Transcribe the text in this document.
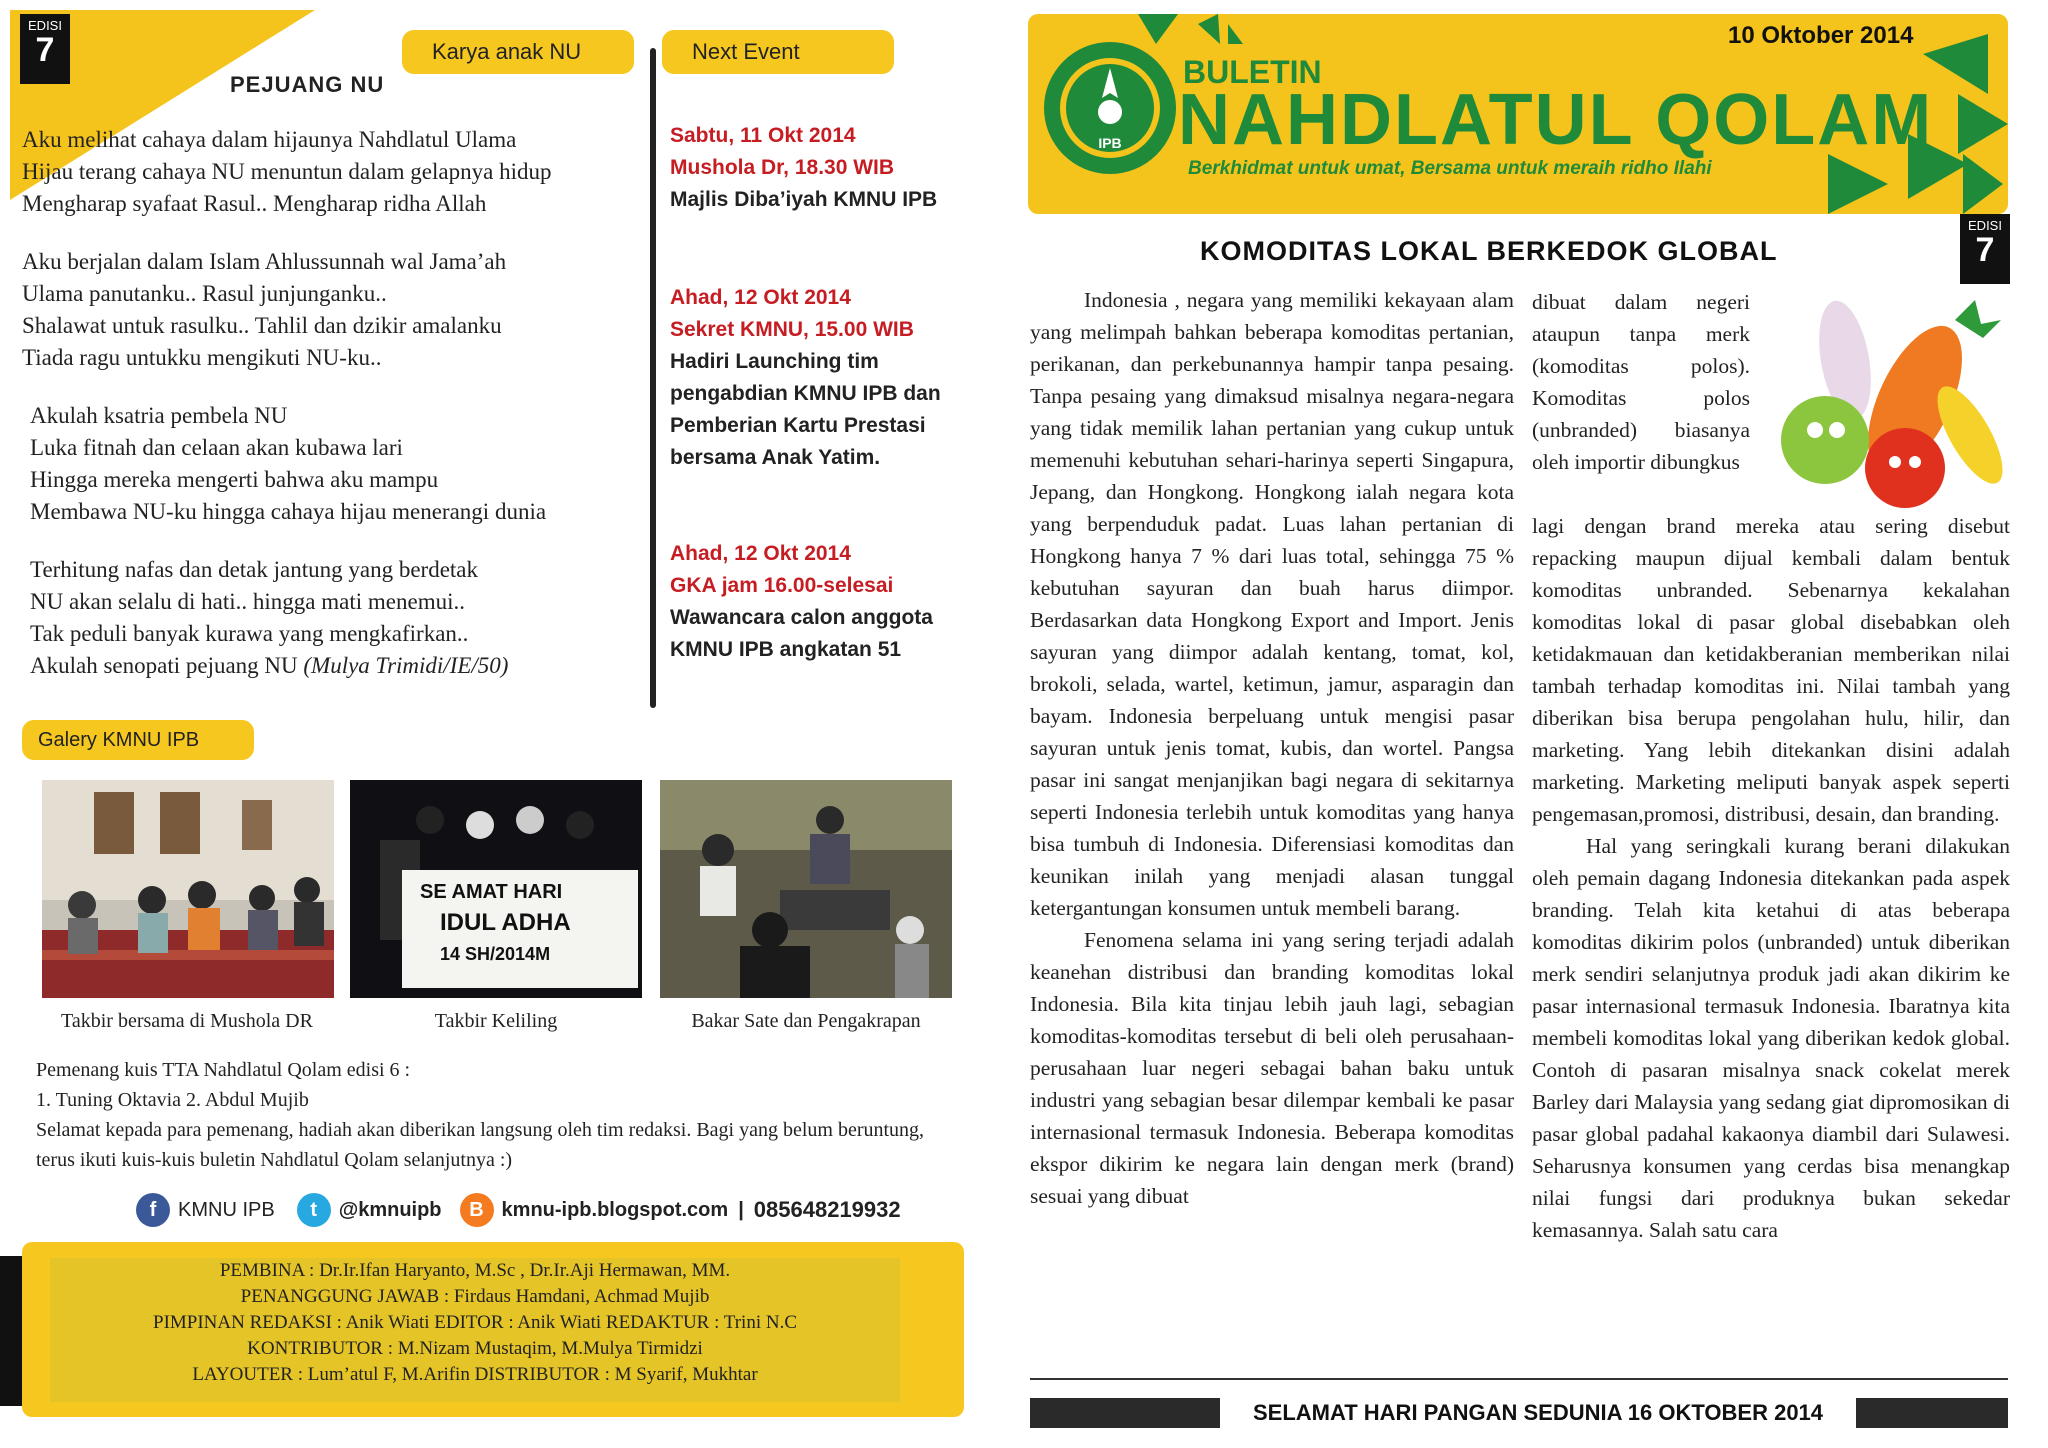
EDISI
7	Karya anak NU	Next Event
PEJUANG NU

Aku melihat cahaya dalam hijaunya Nahdlatul Ulama
Hijau terang cahaya NU menuntun dalam gelapnya hidup
Mengharap syafaat Rasul.. Mengharap ridha Allah

Aku berjalan dalam Islam Ahlussunnah wal Jama’ah
Ulama panutanku.. Rasul junjunganku..
Shalawat untuk rasulku.. Tahlil dan dzikir amalanku
Tiada ragu untukku mengikuti NU-ku..

Akulah ksatria pembela NU
Luka fitnah dan celaan akan kubawa lari
Hingga mereka mengerti bahwa aku mampu
Membawa NU-ku hingga cahaya hijau menerangi dunia

Terhitung nafas dan detak jantung yang berdetak
NU akan selalu di hati.. hingga mati menemui..
Tak peduli banyak kurawa yang mengkafirkan..
Akulah senopati pejuang NU (Mulya Trimidi/IE/50)

Sabtu, 11 Okt 2014
Mushola Dr, 18.30 WIB
Majlis Diba’iyah KMNU IPB
Ahad, 12 Okt 2014
Sekret KMNU, 15.00 WIB
Hadiri Launching tim pengabdian KMNU IPB dan Pemberian Kartu Prestasi bersama Anak Yatim.
Ahad, 12 Okt 2014
GKA jam 16.00-selesai
Wawancara calon anggota KMNU IPB angkatan 51
Galery KMNU IPB
SE AMAT HARI
IDUL ADHA
14 SH/2014M
Takbir bersama di Mushola DR	Takbir Keliling	Bakar Sate dan Pengakrapan
Pemenang kuis TTA Nahdlatul Qolam edisi 6 :
1. Tuning Oktavia 2. Abdul Mujib
Selamat kepada para pemenang, hadiah akan diberikan langsung oleh tim redaksi. Bagi yang belum beruntung, terus ikuti kuis-kuis buletin Nahdlatul Qolam selanjutnya :)
f	KMNU IPB	t	@kmnuipb	B kmnu-ipb.blogspot.com | 085648219932
PEMBINA : Dr.Ir.Ifan Haryanto, M.Sc , Dr.Ir.Aji Hermawan, MM.
PENANGGUNG JAWAB : Firdaus Hamdani, Achmad Mujib
PIMPINAN REDAKSI : Anik Wiati EDITOR : Anik Wiati REDAKTUR : Trini N.C
KONTRIBUTOR : M.Nizam Mustaqim, M.Mulya Tirmidzi
LAYOUTER : Lum’atul F, M.Arifin DISTRIBUTOR : M Syarif, Mukhtar
IPB
BULETIN
NAHDLATUL QOLAM
Berkhidmat untuk umat, Bersama untuk meraih ridho Ilahi
10 Oktober 2014
EDISI
7
KOMODITAS LOKAL BERKEDOK GLOBAL

Indonesia , negara yang memiliki kekayaan alam yang melimpah bahkan beberapa komoditas pertanian, perikanan, dan perkebunannya hampir tanpa pesaing. Tanpa pesaing yang dimaksud misalnya negara-negara yang tidak memilik lahan pertanian yang cukup untuk memenuhi kebutuhan sehari-harinya seperti Singapura, Jepang, dan Hongkong. Hongkong ialah negara kota yang berpenduduk padat. Luas lahan pertanian di Hongkong hanya 7 % dari luas total, sehingga 75 % kebutuhan sayuran dan buah harus diimpor. Berdasarkan data Hongkong Export and Import. Jenis sayuran yang diimpor adalah kentang, tomat, kol, brokoli, selada, wartel, ketimun, jamur, asparagin dan bayam. Indonesia berpeluang untuk mengisi pasar sayuran untuk jenis tomat, kubis, dan wortel. Pangsa pasar ini sangat menjanjikan bagi negara di sekitarnya seperti Indonesia terlebih untuk komoditas yang hanya bisa tumbuh di Indonesia. Diferensiasi komoditas dan keunikan inilah yang menjadi alasan tunggal ketergantungan konsumen untuk membeli barang.

Fenomena selama ini yang sering terjadi adalah keanehan distribusi dan branding komoditas lokal Indonesia. Bila kita tinjau lebih jauh lagi, sebagian komoditas-komoditas tersebut di beli oleh perusahaan-perusahaan luar negeri sebagai bahan baku untuk industri yang sebagian besar dilempar kembali ke pasar internasional termasuk Indonesia. Beberapa komoditas ekspor dikirim ke negara lain dengan merk (brand) sesuai yang dibuat

dibuat dalam negeri ataupun tanpa merk (komoditas polos). Komoditas polos (unbranded) biasanya oleh importir dibungkus

lagi dengan brand mereka atau sering disebut repacking maupun dijual kembali dalam bentuk komoditas unbranded. Sebenarnya kekalahan komoditas lokal di pasar global disebabkan oleh ketidakmauan dan ketidakberanian memberikan nilai tambah terhadap komoditas ini. Nilai tambah yang diberikan bisa berupa pengolahan hulu, hilir, dan marketing. Yang lebih ditekankan disini adalah marketing. Marketing meliputi banyak aspek seperti pengemasan,promosi, distribusi, desain, dan branding.

Hal yang seringkali kurang berani dilakukan oleh pemain dagang Indonesia ditekankan pada aspek branding. Telah kita ketahui di atas beberapa komoditas dikirim polos (unbranded) untuk diberikan merk sendiri selanjutnya produk jadi akan dikirim ke pasar internasional termasuk Indonesia. Ibaratnya kita membeli komoditas lokal yang diberikan kedok global. Contoh di pasaran misalnya snack cokelat merek Barley dari Malaysia yang sedang giat dipromosikan di pasar global padahal kakaonya diambil dari Sulawesi. Seharusnya konsumen yang cerdas bisa menangkap nilai fungsi dari produknya bukan sekedar kemasannya. Salah satu cara

SELAMAT HARI PANGAN SEDUNIA 16 OKTOBER 2014
